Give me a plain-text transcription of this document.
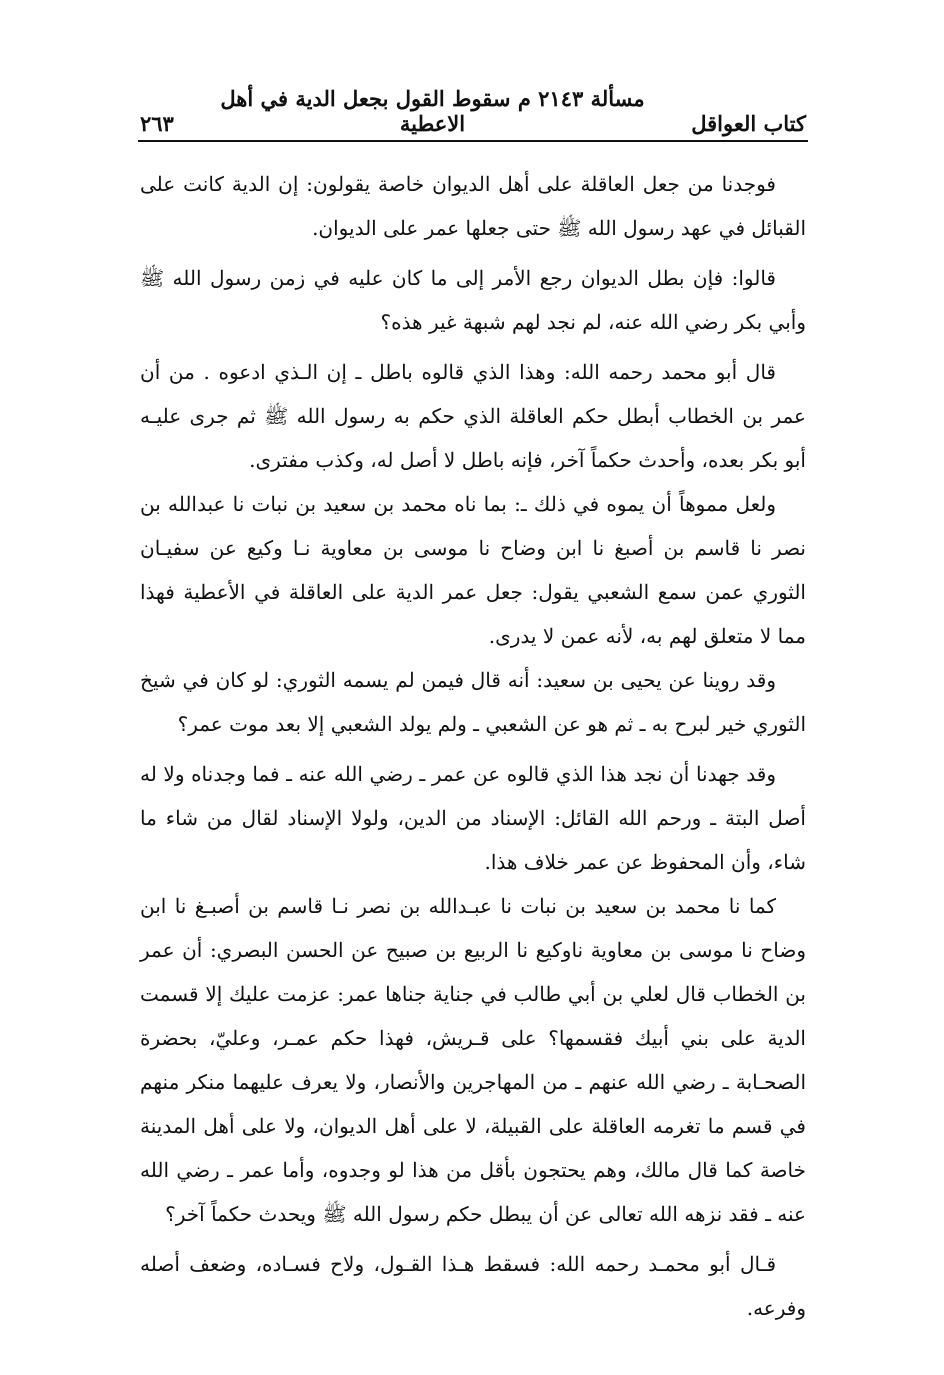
كتاب العواقل
مسألة ٢١٤٣ م سقوط القول بجعل الدية في أهل الاعطية
٢٦٣

فوجدنا من جعل العاقلة على أهل الديوان خاصة يقولون: إن الدية كانت على القبائل في عهد رسول الله ﷺ حتى جعلها عمر على الديوان.

قالوا: فإن بطل الديوان رجع الأمر إلى ما كان عليه في زمن رسول الله ﷺ وأبي بكر رضي الله عنه، لم نجد لهم شبهة غير هذه؟

قال أبو محمد رحمه الله: وهذا الذي قالوه باطل ـ إن الـذي ادعوه . من أن عمر بن الخطاب أبطل حكم العاقلة الذي حكم به رسول الله ﷺ ثم جرى عليـه أبو بكر بعده، وأحدث حكماً آخر، فإنه باطل لا أصل له، وكذب مفترى.

ولعل مموهاً أن يموه في ذلك ـ: بما ناه محمد بن سعيد بن نبات نا عبدالله بن نصر نا قاسم بن أصبغ نا ابن وضاح نا موسى بن معاوية نـا وكيع عن سفيـان الثوري عمن سمع الشعبي يقول: جعل عمر الدية على العاقلة في الأعطية فهذا مما لا متعلق لهم به، لأنه عمن لا يدرى.

وقد روينا عن يحيى بن سعيد: أنه قال فيمن لم يسمه الثوري: لو كان في شيخ الثوري خير لبرح به ـ ثم هو عن الشعبي ـ ولم يولد الشعبي إلا بعد موت عمر؟

وقد جهدنا أن نجد هذا الذي قالوه عن عمر ـ رضي الله عنه ـ فما وجدناه ولا له أصل البتة ـ ورحم الله القائل: الإسناد من الدين، ولولا الإسناد لقال من شاء ما شاء، وأن المحفوظ عن عمر خلاف هذا.

كما نا محمد بن سعيد بن نبات نا عبـدالله بن نصر نـا قاسم بن أصبـغ نا ابن وضاح نا موسى بن معاوية ناوكيع نا الربيع بن صبيح عن الحسن البصري: أن عمر بن الخطاب قال لعلي بن أبي طالب في جناية جناها عمر: عزمت عليك إلا قسمت الدية على بني أبيك فقسمها؟ على قـريش، فهذا حكم عمـر، وعليّ، بحضرة الصحـابة ـ رضي الله عنهم ـ من المهاجرين والأنصار، ولا يعرف عليهما منكر منهم في قسم ما تغرمه العاقلة على القبيلة، لا على أهل الديوان، ولا على أهل المدينة خاصة كما قال مالك، وهم يحتجون بأقل من هذا لو وجدوه، وأما عمر ـ رضي الله عنه ـ فقد نزهه الله تعالى عن أن يبطل حكم رسول الله ﷺ ويحدث حكماً آخر؟

قـال أبو محمـد رحمه الله: فسقط هـذا القـول، ولاح فسـاده، وضعف أصله وفرعه.
